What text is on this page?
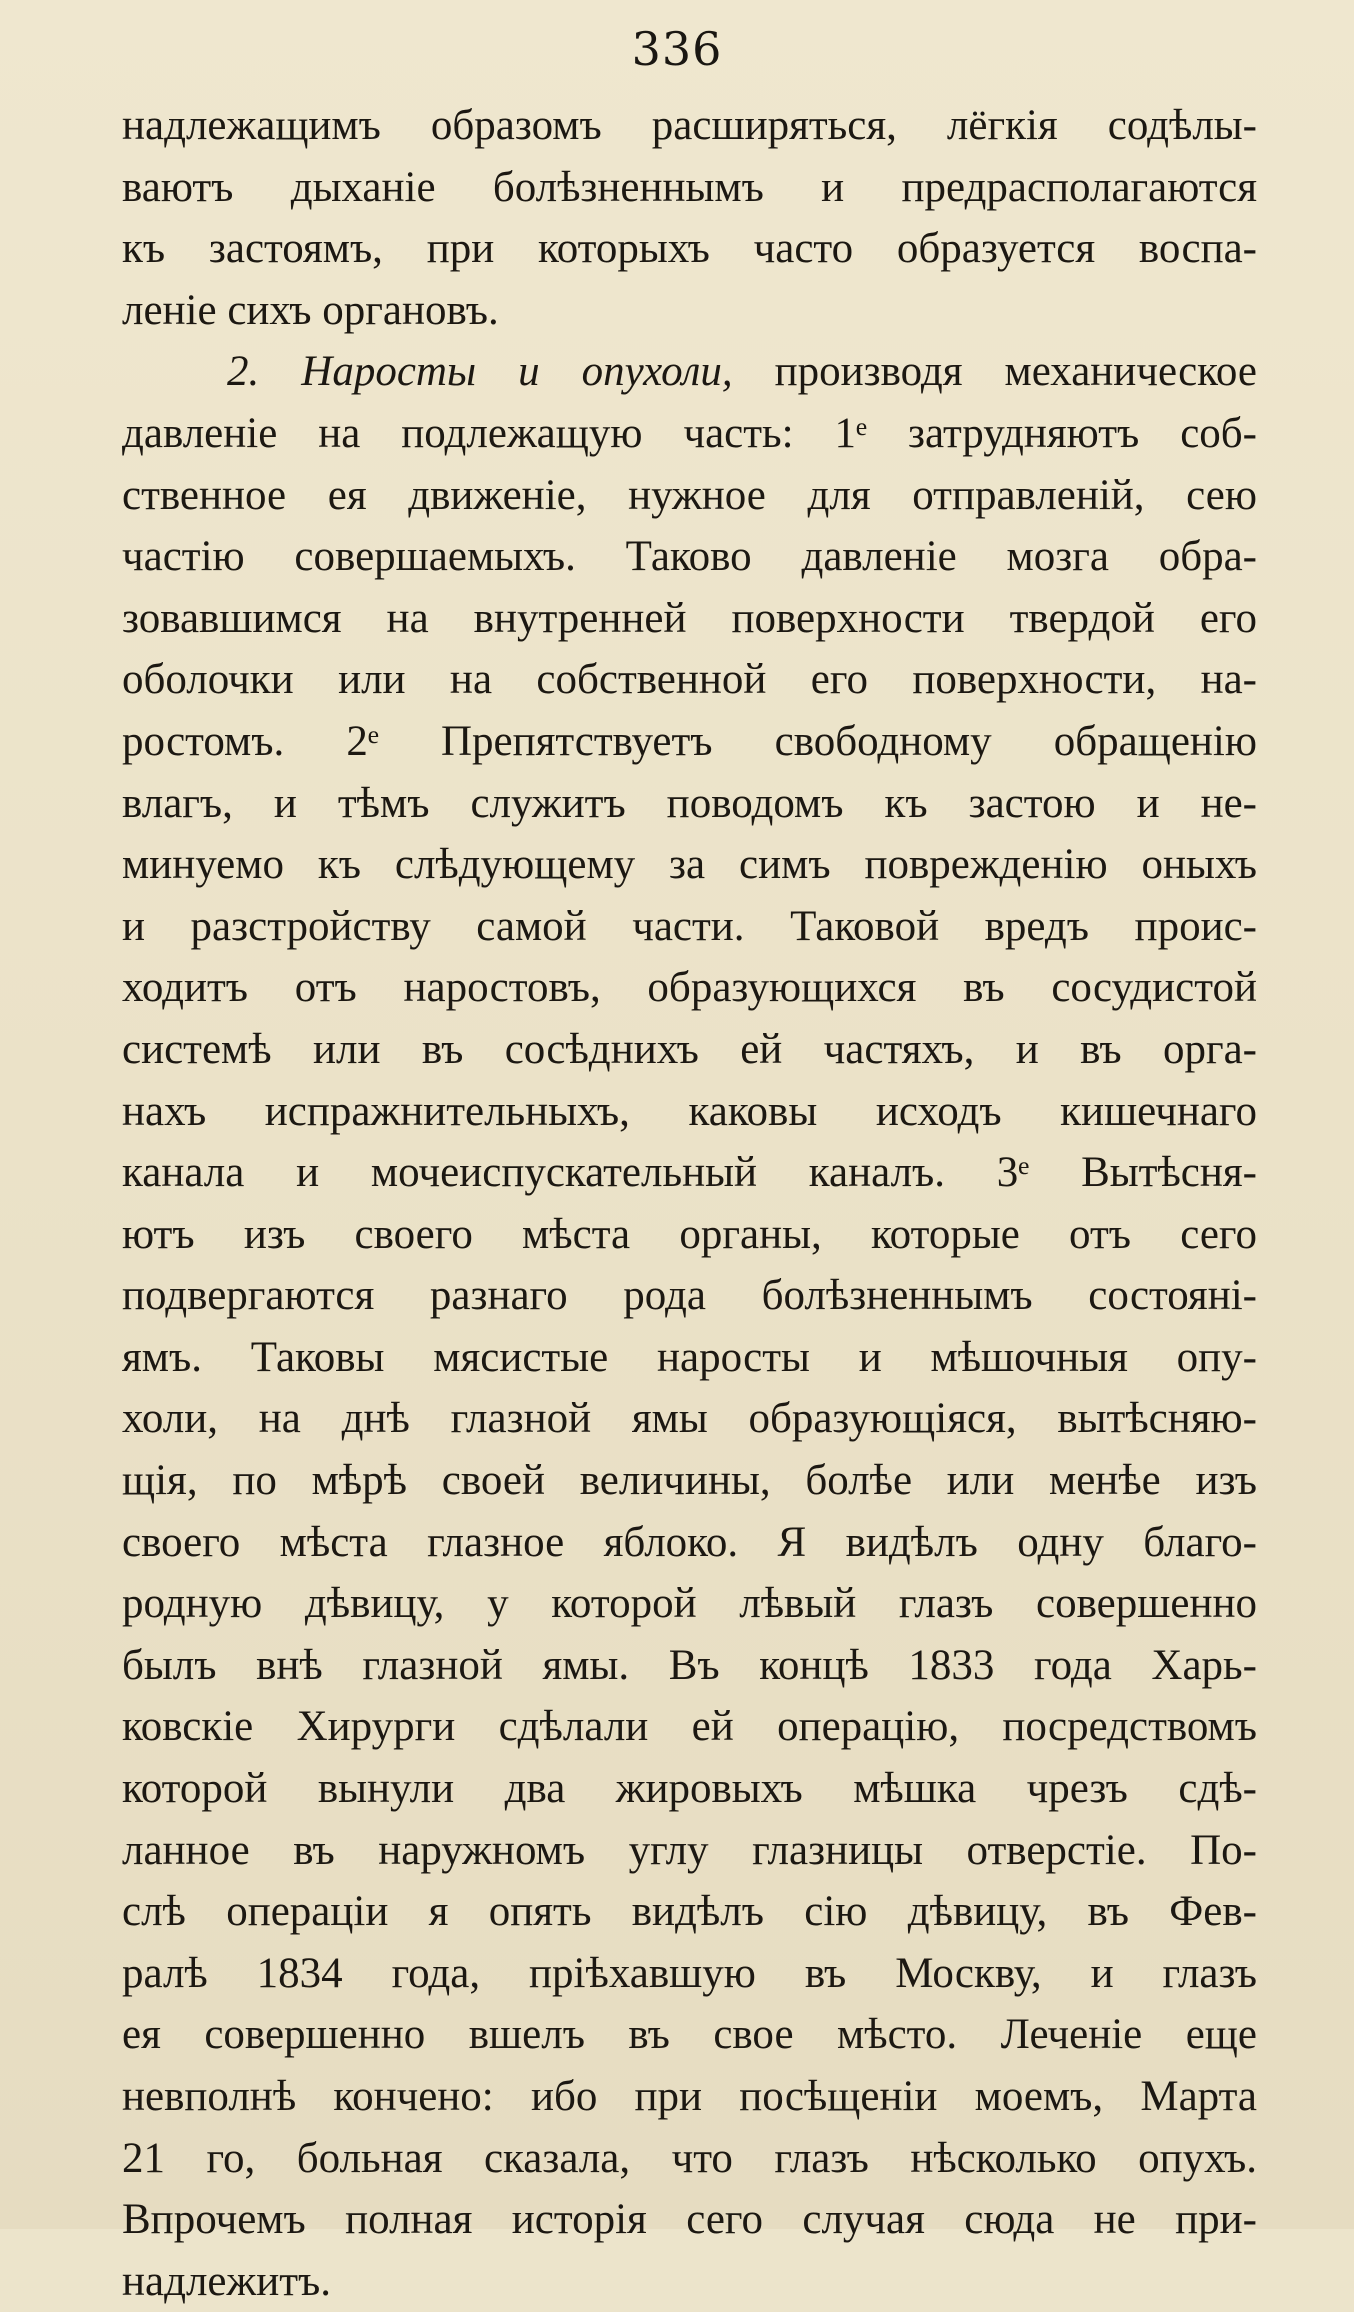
336
надлежащимъ образомъ расширяться, лёгкія содѣлы-
ваютъ дыханіе болѣзненнымъ и предрасполагаются
къ застоямъ, при которыхъ часто образуется воспа-
леніе сихъ органовъ.
2. Наросты и опухоли, производя механическое
давленіе на подлежащую часть: 1ᵉ затрудняютъ соб-
ственное ея движеніе, нужное для отправленій, сею
частію совершаемыхъ. Таково давленіе мозга обра-
зовавшимся на внутренней поверхности твердой его
оболочки или на собственной его поверхности, на-
ростомъ. 2ᵉ Препятствуетъ свободному обращенію
влагъ, и тѣмъ служитъ поводомъ къ застою и не-
минуемо къ слѣдующему за симъ поврежденію оныхъ
и разстройству самой части. Таковой вредъ проис-
ходитъ отъ наростовъ, образующихся въ сосудистой
системѣ или въ сосѣднихъ ей частяхъ, и въ орга-
нахъ испражнительныхъ, каковы исходъ кишечнаго
канала и мочеиспускательный каналъ. 3ᵉ Вытѣсня-
ютъ изъ своего мѣста органы, которые отъ сего
подвергаются разнаго рода болѣзненнымъ состояні-
ямъ. Таковы мясистые наросты и мѣшочныя опу-
холи, на днѣ глазной ямы образующіяся, вытѣсняю-
щія, по мѣрѣ своей величины, болѣе или менѣе изъ
своего мѣста глазное яблоко. Я видѣлъ одну благо-
родную дѣвицу, у которой лѣвый глазъ совершенно
былъ внѣ глазной ямы. Въ концѣ 1833 года Харь-
ковскіе Хирурги сдѣлали ей операцію, посредствомъ
которой вынули два жировыхъ мѣшка чрезъ сдѣ-
ланное въ наружномъ углу глазницы отверстіе. По-
слѣ операціи я опять видѣлъ сію дѣвицу, въ Фев-
ралѣ 1834 года, пріѣхавшую въ Москву, и глазъ
ея совершенно вшелъ въ свое мѣсто. Леченіе еще
невполнѣ кончено: ибо при посѣщеніи моемъ, Марта
21 го, больная сказала, что глазъ нѣсколько опухъ.
Впрочемъ полная исторія сего случая сюда не при-
надлежитъ.
